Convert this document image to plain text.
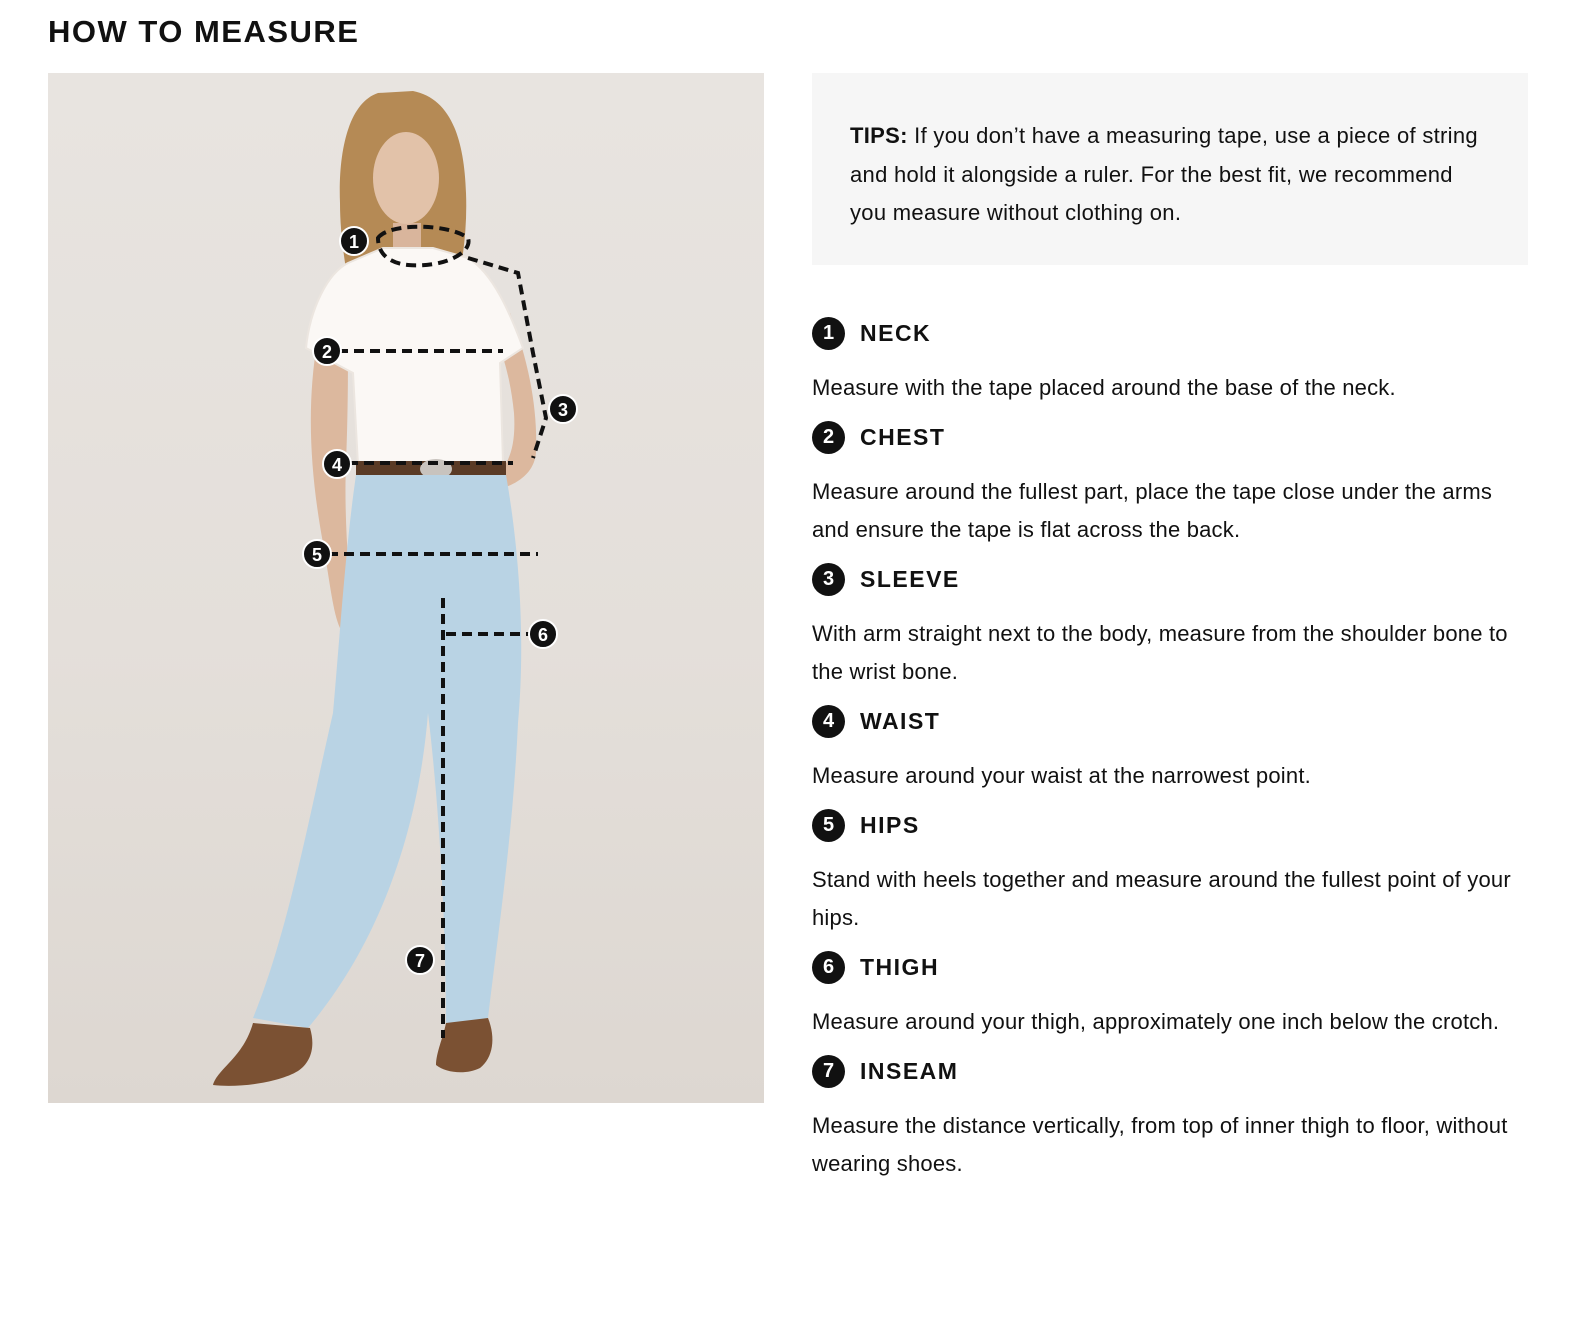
HOW TO MEASURE
1
2
3
4
5
6
7

TIPS: If you don’t have a measuring tape, use a piece of string and hold it alongside a ruler. For the best fit, we recommend you measure without clothing on.

1	NECK

Measure with the tape placed around the base of the neck.

2	CHEST

Measure around the fullest part, place the tape close under the arms and ensure the tape is flat across the back.

3	SLEEVE

With arm straight next to the body, measure from the shoulder bone to the wrist bone.

4	WAIST

Measure around your waist at the narrowest point.

5	HIPS

Stand with heels together and measure around the fullest point of your hips.

6	THIGH

Measure around your thigh, approximately one inch below the crotch.

7	INSEAM

Measure the distance vertically, from top of inner thigh to floor, without wearing shoes.
